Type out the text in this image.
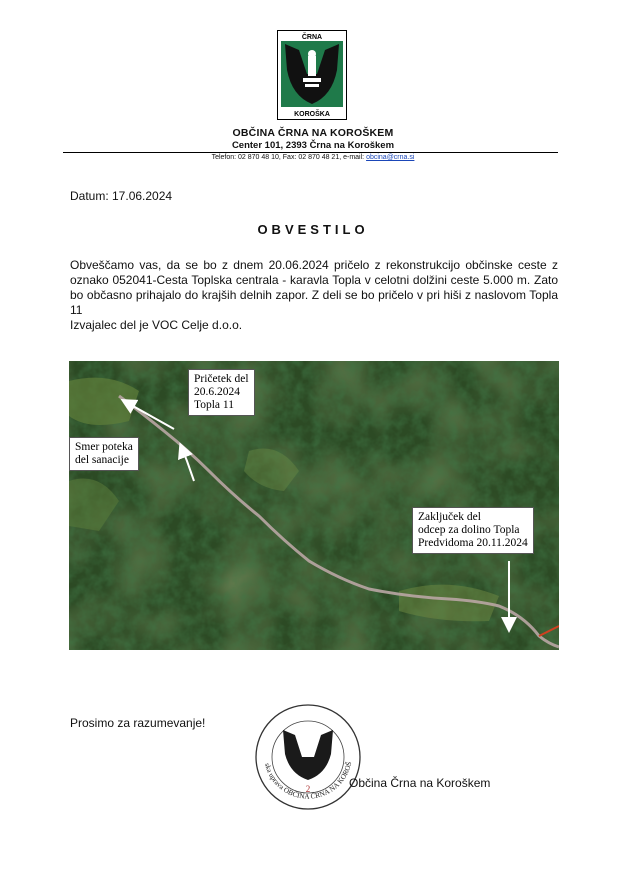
ČRNA
KOROŠKA
OBČINA ČRNA NA KOROŠKEM
Center 101, 2393 Črna na Koroškem
Telefon: 02 870 48 10, Fax: 02 870 48 21, e-mail: obcina@crna.si
Datum: 17.06.2024
OBVESTILO

Obveščamo vas, da se bo z dnem 20.06.2024 pričelo z rekonstrukcijo občinske ceste z oznako 052041-Cesta Toplska centrala - karavla Topla v celotni dolžini ceste 5.000 m. Zato bo občasno prihajalo do krajših delnih zapor. Z deli se bo pričelo v pri hiši z naslovom Topla 11

Izvajalec del je VOC Celje d.o.o.

Pričetek del
20.6.2024
Topla 11
Smer poteka
del sanacije
Zaključek del
odcep za dolino Topla
Predvidoma 20.11.2024
Prosimo za razumevanje!
2
ska uprava OBČINA ČRNA NA KOROŠ
Občina Črna na Koroškem
